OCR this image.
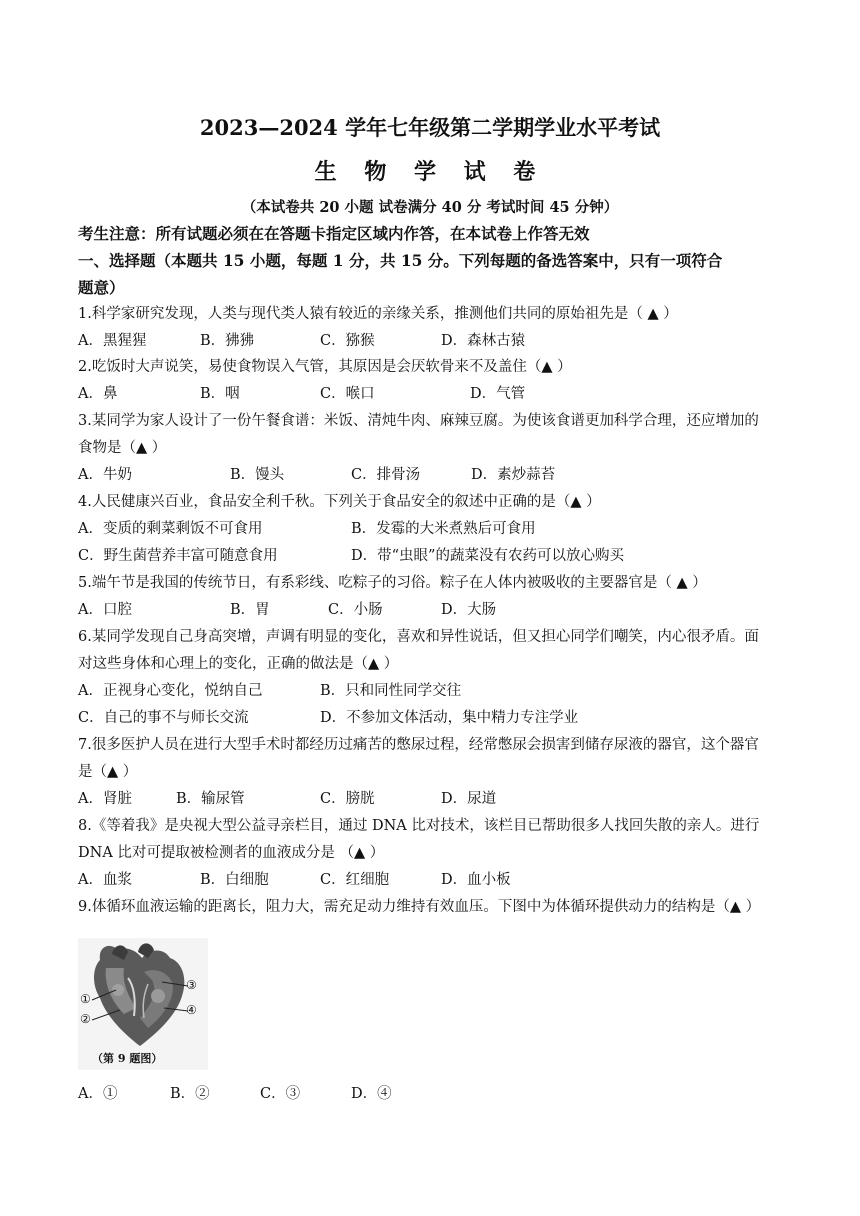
2023—2024 学年七年级第二学期学业水平考试
生 物 学 试 卷
（本试卷共 20 小题 试卷满分 40 分 考试时间 45 分钟）
考生注意：所有试题必须在在答题卡指定区域内作答，在本试卷上作答无效
一、选择题（本题共 15 小题，每题 1 分，共 15 分。下列每题的备选答案中，只有一项符合
题意）
1.科学家研究发现，人类与现代类人猿有较近的亲缘关系，推测他们共同的原始祖先是（ ▲ ）
A．黑猩猩	B．狒狒	C．猕猴	D．森林古猿
2.吃饭时大声说笑，易使食物误入气管，其原因是会厌软骨来不及盖住（▲ ）
A．鼻	B．咽	C．喉口	D．气管
3.某同学为家人设计了一份午餐食谱：米饭、清炖牛肉、麻辣豆腐。为使该食谱更加科学合理，还应增加的
食物是（▲ ）
A．牛奶	B．馒头	C．排骨汤	D．素炒蒜苔
4.人民健康兴百业，食品安全利千秋。下列关于食品安全的叙述中正确的是（▲ ）
A．变质的剩菜剩饭不可食用	B．发霉的大米煮熟后可食用
C．野生菌营养丰富可随意食用	D．带“虫眼”的蔬菜没有农药可以放心购买
5.端午节是我国的传统节日，有系彩线、吃粽子的习俗。粽子在人体内被吸收的主要器官是（ ▲ ）
A．口腔	B．胃	C．小肠	D．大肠
6.某同学发现自己身高突增，声调有明显的变化，喜欢和异性说话，但又担心同学们嘲笑，内心很矛盾。面
对这些身体和心理上的变化，正确的做法是（▲ ）
A．正视身心变化，悦纳自己	B．只和同性同学交往
C．自己的事不与师长交流	D．不参加文体活动，集中精力专注学业
7.很多医护人员在进行大型手术时都经历过痛苦的憋尿过程，经常憋尿会损害到储存尿液的器官，这个器官
是（▲ ）
A．肾脏	B．输尿管	C．膀胱	D．尿道
8.《等着我》是央视大型公益寻亲栏目，通过 DNA 比对技术，该栏目已帮助很多人找回失散的亲人。进行
DNA 比对可提取被检测者的血液成分是 （▲ ）
A．血浆	B．白细胞	C．红细胞	D．血小板
9.体循环血液运输的距离长，阻力大，需充足动力维持有效血压。下图中为体循环提供动力的结构是（▲ ）
①
②
③
④
（第 9 题图）
A．①	B．②	C．③	D．④
